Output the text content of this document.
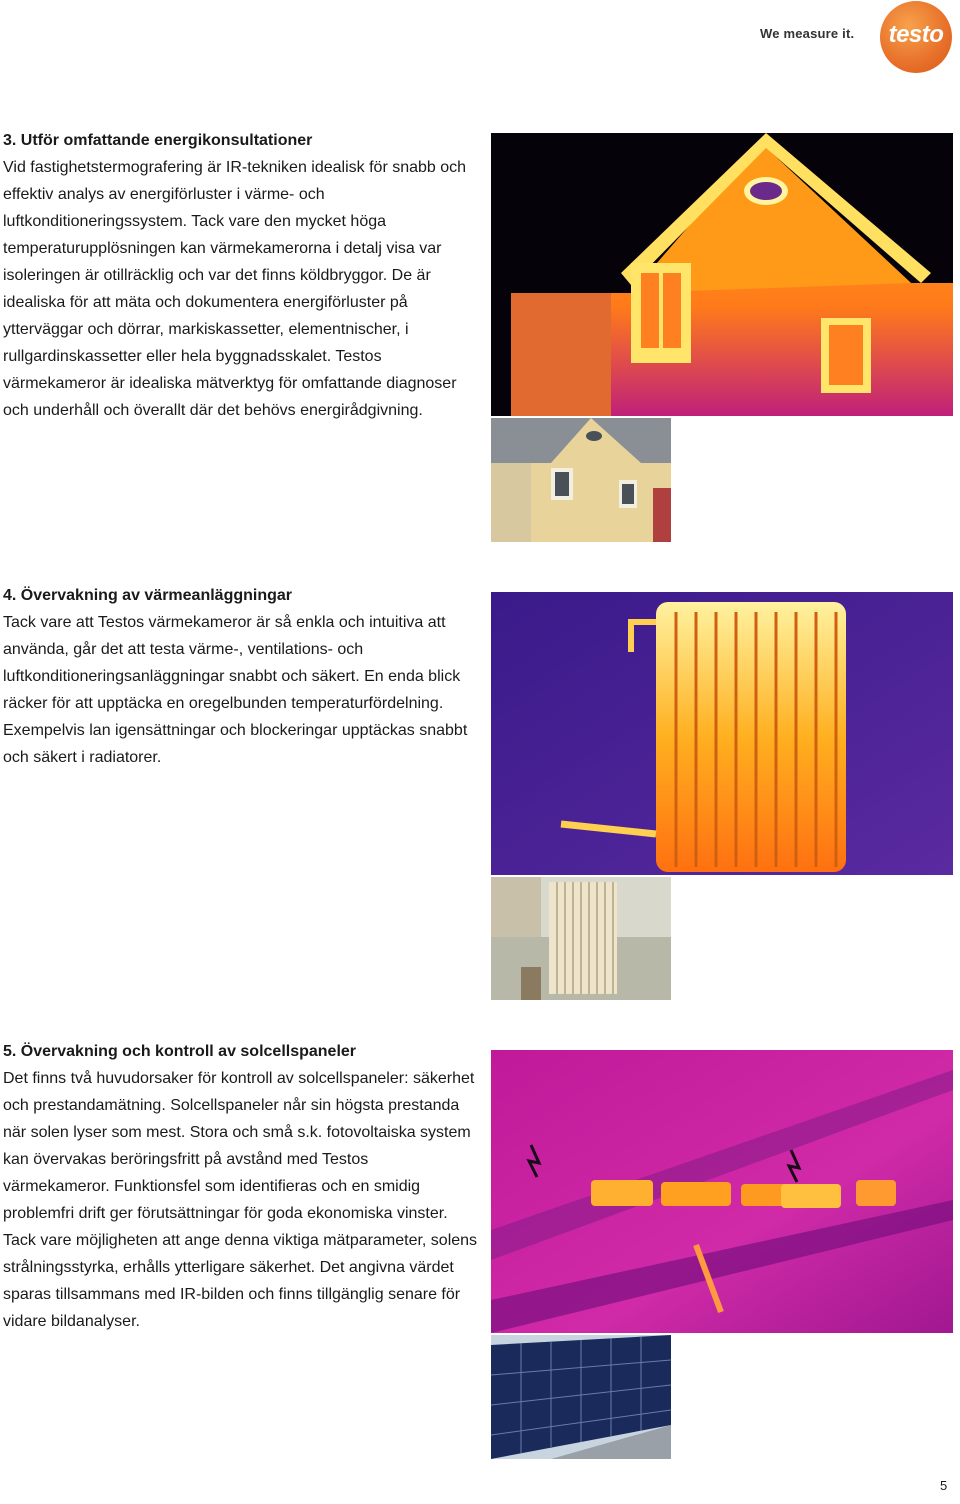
We measure it.	testo
3. Utför omfattande energikonsultationer

Vid fastighetstermografering är IR-tekniken idealisk för snabb och effektiv analys av energiförluster i värme- och luftkonditioneringssystem. Tack vare den mycket höga temperaturupplösningen kan värmekamerorna i detalj visa var isoleringen är otillräcklig och var det finns köldbryggor. De är idealiska för att mäta och dokumentera energiförluster på ytterväggar och dörrar, markiskassetter, elementnischer, i rullgardinskassetter eller hela byggnadsskalet. Testos värmekameror är idealiska mätverktyg för omfattande diagnoser och underhåll och överallt där det behövs energirådgivning.

4. Övervakning av värmeanläggningar

Tack vare att Testos värmekameror är så enkla och intuitiva att använda, går det att testa värme-, ventilations- och luftkonditioneringsanläggningar snabbt och säkert. En enda blick räcker för att upptäcka en oregelbunden temperaturfördelning. Exempelvis lan igensättningar och blockeringar upptäckas snabbt och säkert i radiatorer.

5. Övervakning och kontroll av solcellspaneler

Det finns två huvudorsaker för kontroll av solcellspaneler: säkerhet och prestandamätning. Solcellspaneler når sin högsta prestanda när solen lyser som mest. Stora och små s.k. fotovoltaiska system kan övervakas beröringsfritt på avstånd med Testos värmekameror. Funktionsfel som identifieras och en smidig problemfri drift ger förutsättningar för goda ekonomiska vinster. Tack vare möjligheten att ange denna viktiga mätparameter, solens strålningsstyrka, erhålls ytterligare säkerhet. Det angivna värdet sparas tillsammans med IR-bilden och finns tillgänglig senare för vidare bildanalyser.

5
